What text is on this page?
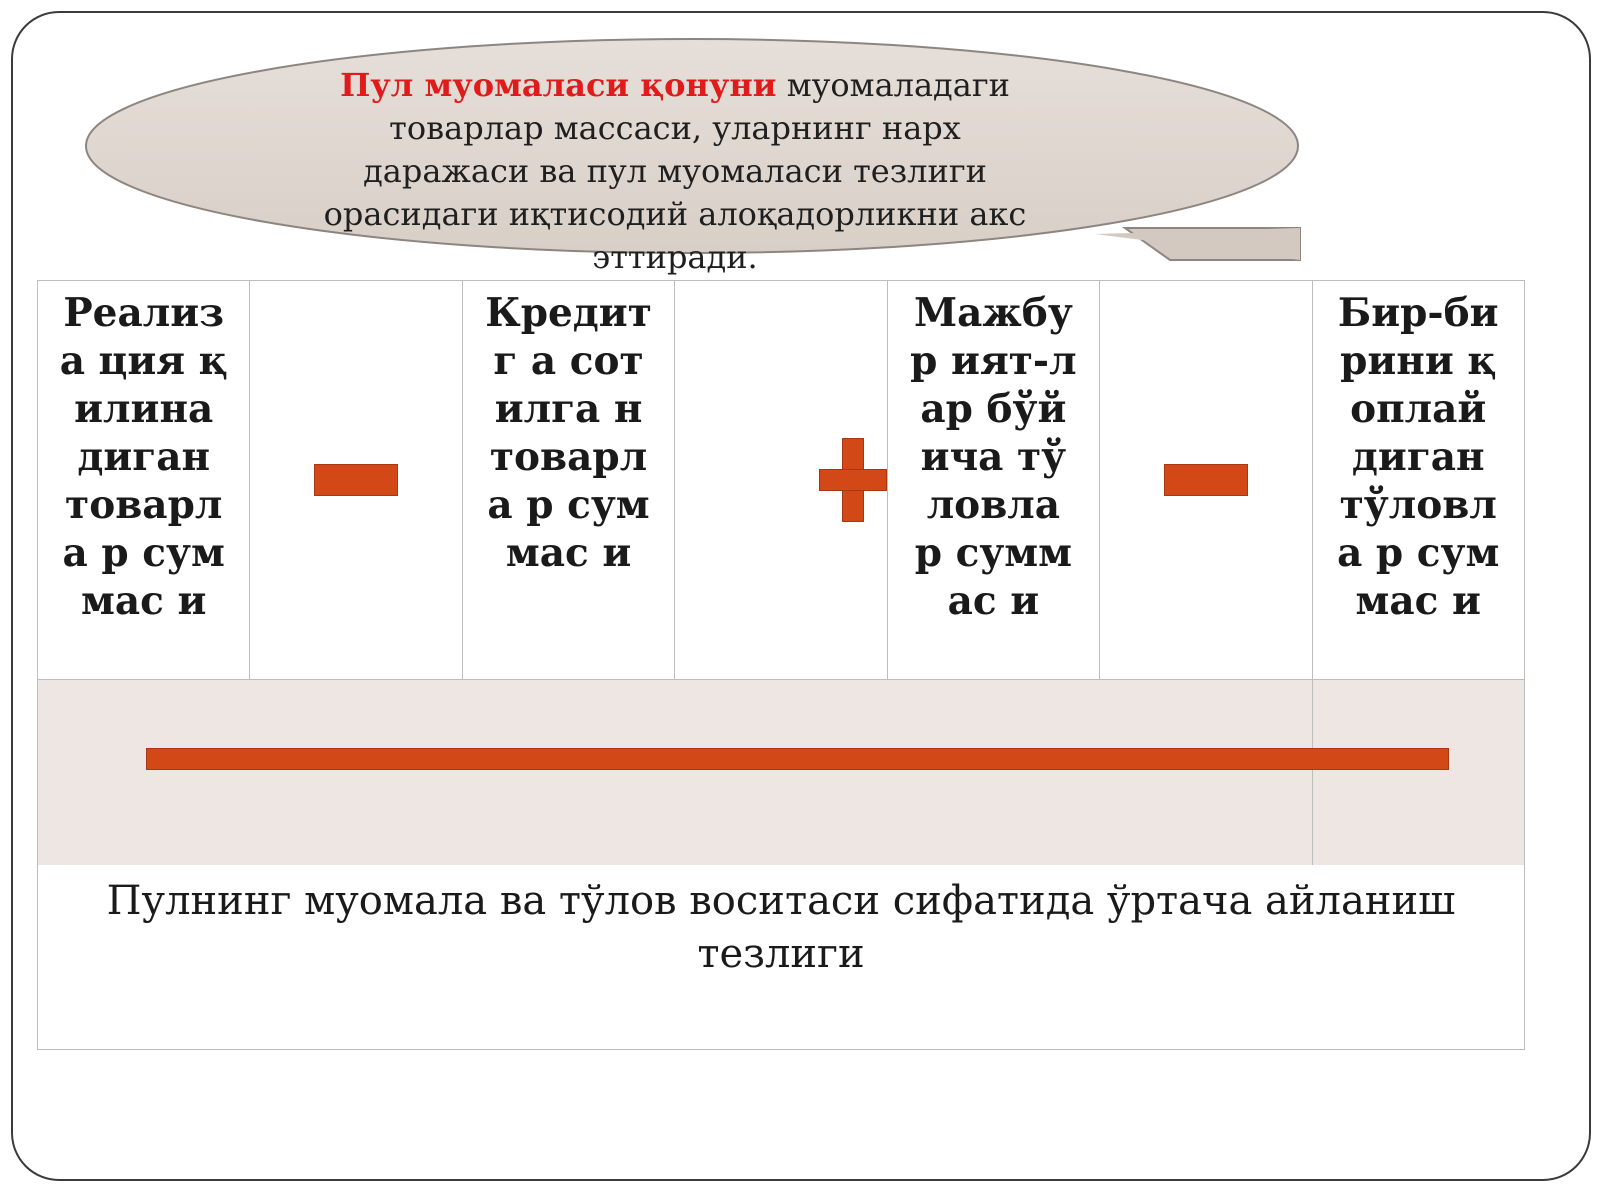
Пул муомаласи қонуни муомаладаги товарлар массаси, уларнинг нарх даражаси ва пул муомаласи тезлиги орасидаги иқтисодий алоқадорликни акс эттиради.
Реализа ция қилина диган товарла р суммас и
Кредитг а сотилга н товарла р суммас и
Мажбур ият-лар бўйича тўловла р суммас и
Бир-бирини қоплай диган тўловла р суммас и
Пулнинг муомала ва тўлов воситаси сифатида ўртача айланиш тезлиги
